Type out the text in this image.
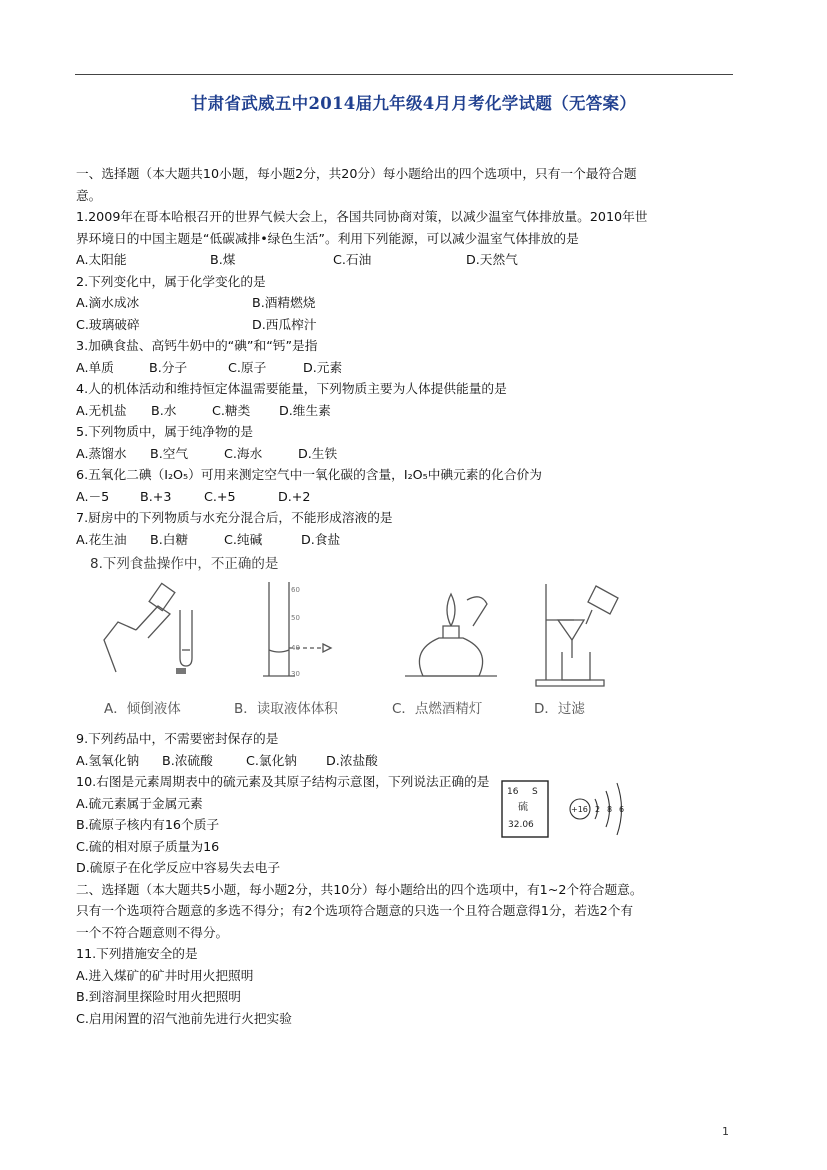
甘肃省武威五中2014届九年级4月月考化学试题（无答案）
一、选择题（本大题共10小题，每小题2分，共20分）每小题给出的四个选项中，只有一个最符合题
意。
1.2009年在哥本哈根召开的世界气候大会上，各国共同协商对策，以减少温室气体排放量。2010年世
界环境日的中国主题是“低碳减排•绿色生活”。利用下列能源，可以减少温室气体排放的是
A.太阳能	B.煤	C.石油	D.天然气
2.下列变化中，属于化学变化的是
A.滴水成冰	B.酒精燃烧
C.玻璃破碎	D.西瓜榨汁
3.加碘食盐、高钙牛奶中的“碘”和“钙”是指
A.单质	B.分子	C.原子	D.元素
4.人的机体活动和维持恒定体温需要能量，下列物质主要为人体提供能量的是
A.无机盐	B.水	C.糖类	D.维生素
5.下列物质中，属于纯净物的是
A.蒸馏水	B.空气	C.海水	D.生铁
6.五氧化二碘（I₂O₅）可用来测定空气中一氧化碳的含量，I₂O₅中碘元素的化合价为
A.－5	B.+3	C.+5	D.+2
7.厨房中的下列物质与水充分混合后，不能形成溶液的是
A.花生油	B.白糖	C.纯碱	D.食盐
8.下列食盐操作中，不正确的是
60
50
40
30
A．倾倒液体	B．读取液体体积	C．点燃酒精灯	D．过滤
9.下列药品中，不需要密封保存的是
A.氢氧化钠	B.浓硫酸	C.氯化钠	D.浓盐酸
10.右图是元素周期表中的硫元素及其原子结构示意图，下列说法正确的是
A.硫元素属于金属元素
B.硫原子核内有16个质子
C.硫的相对原子质量为16
D.硫原子在化学反应中容易失去电子
16 S
硫
32.06
+16 2 8 6
二、选择题（本大题共5小题，每小题2分，共10分）每小题给出的四个选项中，有1~2个符合题意。
只有一个选项符合题意的多选不得分；有2个选项符合题意的只选一个且符合题意得1分，若选2个有
一个不符合题意则不得分。
11.下列措施安全的是
A.进入煤矿的矿井时用火把照明
B.到溶洞里探险时用火把照明
C.启用闲置的沼气池前先进行火把实验
1
